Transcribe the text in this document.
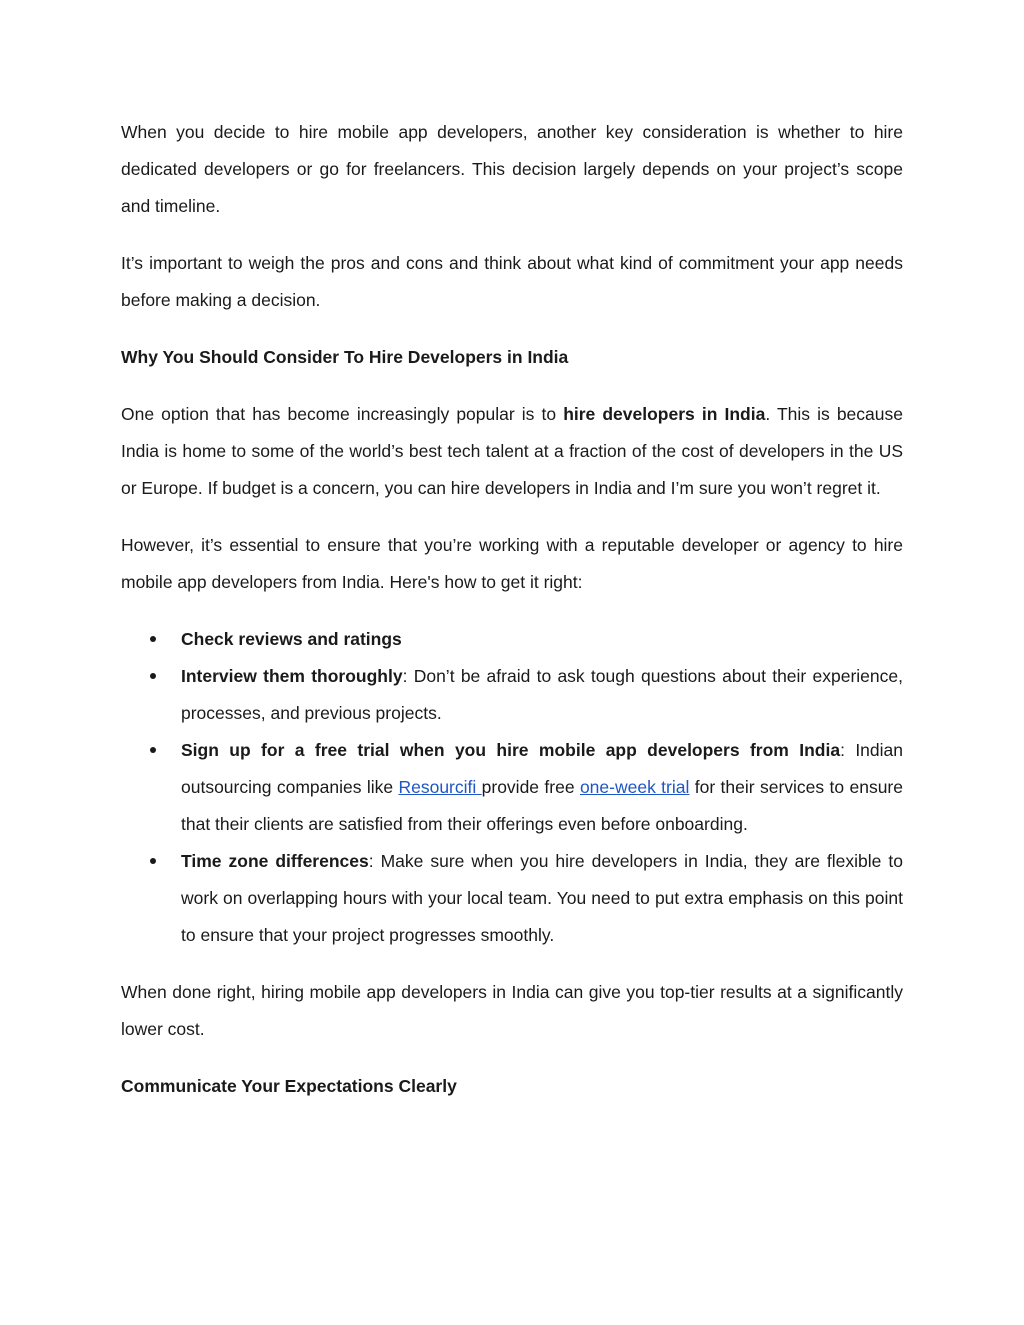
When you decide to hire mobile app developers, another key consideration is whether to hire dedicated developers or go for freelancers. This decision largely depends on your project’s scope and timeline.

It’s important to weigh the pros and cons and think about what kind of commitment your app needs before making a decision.

Why You Should Consider To Hire Developers in India

One option that has become increasingly popular is to hire developers in India. This is because India is home to some of the world’s best tech talent at a fraction of the cost of developers in the US or Europe. If budget is a concern, you can hire developers in India and I’m sure you won’t regret it.

However, it’s essential to ensure that you’re working with a reputable developer or agency to hire mobile app developers from India. Here's how to get it right:

Check reviews and ratings
Interview them thoroughly: Don’t be afraid to ask tough questions about their experience, processes, and previous projects.
Sign up for a free trial when you hire mobile app developers from India: Indian outsourcing companies like Resourcifi provide free one-week trial for their services to ensure that their clients are satisfied from their offerings even before onboarding.
Time zone differences: Make sure when you hire developers in India, they are flexible to work on overlapping hours with your local team. You need to put extra emphasis on this point to ensure that your project progresses smoothly.

When done right, hiring mobile app developers in India can give you top-tier results at a significantly lower cost.

Communicate Your Expectations Clearly
